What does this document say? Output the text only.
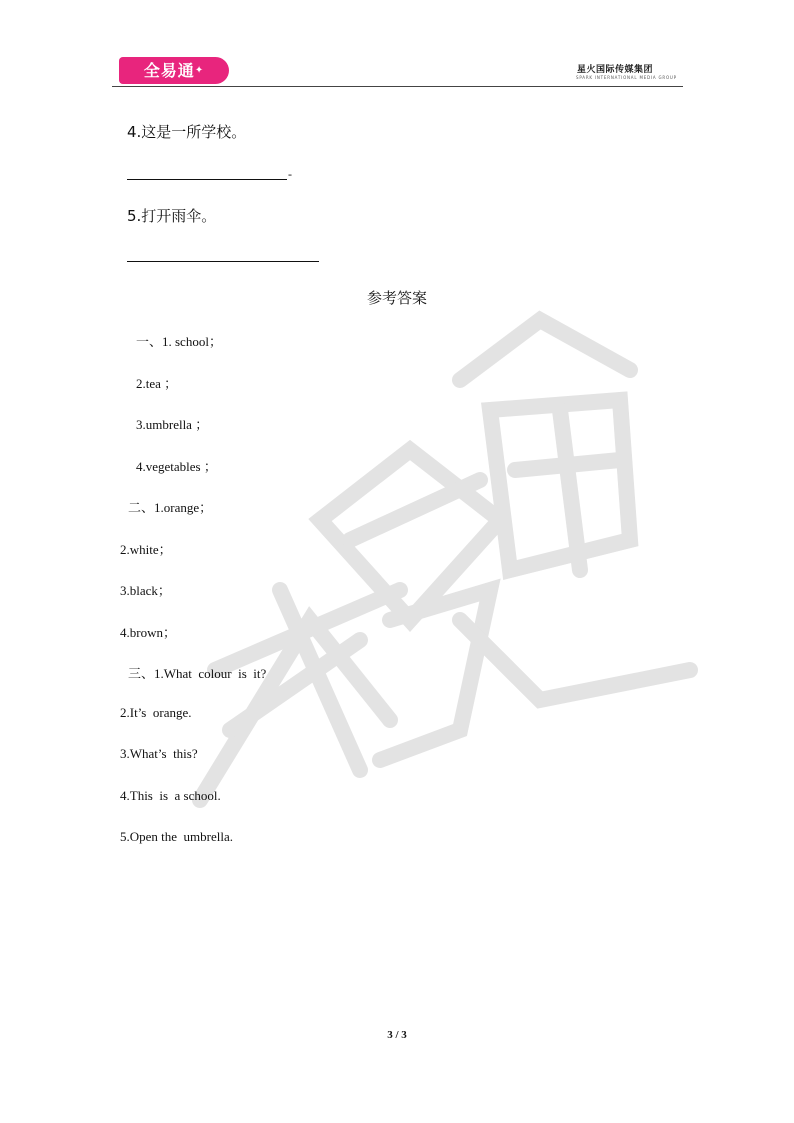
全易通✦	星火国际传媒集团
SPARK INTERNATIONAL MEDIA GROUP
4.这是一所学校。
-
5.打开雨伞。
参考答案
一、1. school；
2.tea ；
3.umbrella ；
4.vegetables ；
二、1.orange；
2.white；
3.black；
4.brown；
三、1.What  colour  is  it?
2.It’s  orange.
3.What’s  this?
4.This  is  a school.
5.Open the  umbrella.
3 / 3
